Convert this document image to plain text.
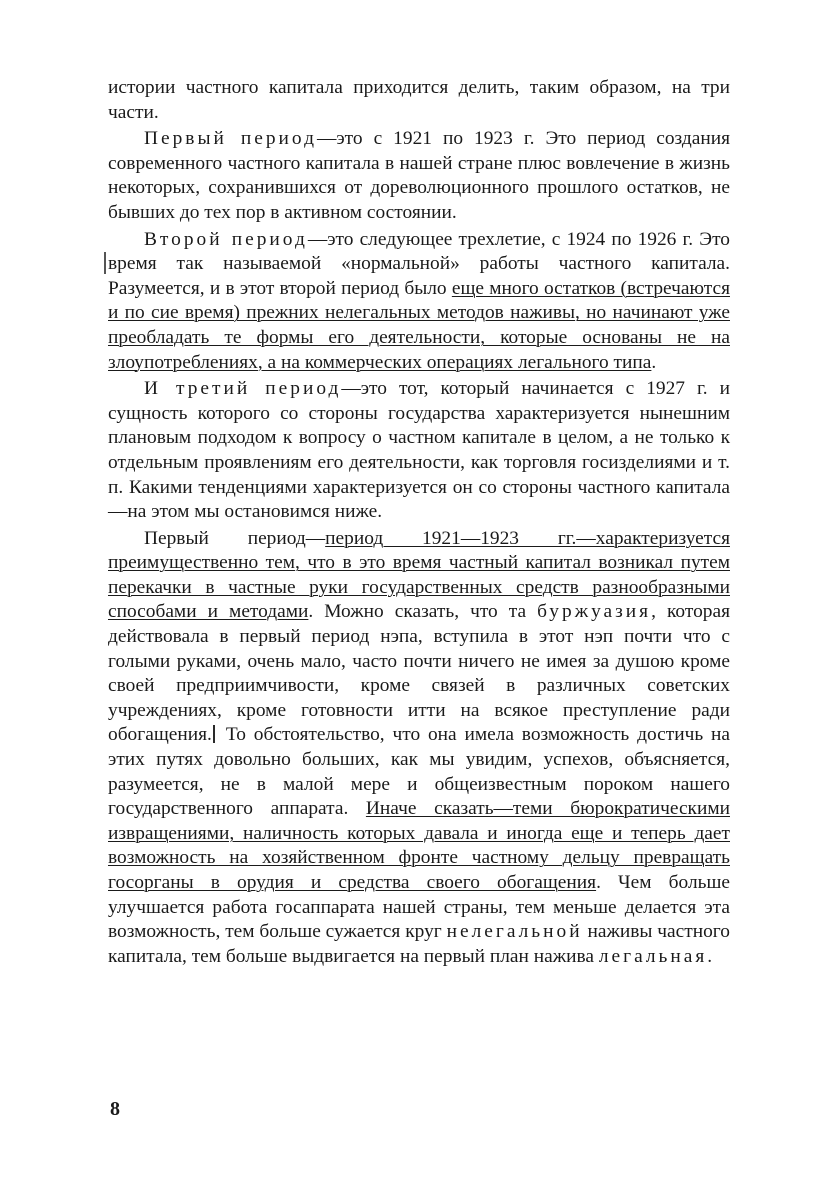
истории частного капитала приходится делить, таким образом, на три части.

Первый период—это с 1921 по 1923 г. Это период создания современного частного капитала в нашей стране плюс вовлечение в жизнь некоторых, сохранившихся от дореволюционного прошлого остатков, не бывших до тех пор в активном состоянии.

Второй период—это следующее трехлетие, с 1924 по 1926 г. Это время так называемой «нормальной» работы частного капитала. Разумеется, и в этот второй период было еще много остатков (встречаются и по сие время) прежних нелегальных методов наживы, но начинают уже преобладать те формы его деятельности, которые основаны не на злоупотреблениях, а на коммерческих операциях легального типа.

И третий период—это тот, который начинается с 1927 г. и сущность которого со стороны государства характеризуется нынешним плановым подходом к вопросу о частном капитале в целом, а не только к отдельным проявлениям его деятельности, как торговля госизделиями и т. п. Какими тенденциями характеризуется он со стороны частного капитала—на этом мы остановимся ниже.

Первый период—период 1921—1923 гг.—характеризуется преимущественно тем, что в это время частный капитал возникал путем перекачки в частные руки государственных средств разнообразными способами и методами. Можно сказать, что та буржуазия, которая действовала в первый период нэпа, вступила в этот нэп почти что с голыми руками, очень мало, часто почти ничего не имея за душою кроме своей предприимчивости, кроме связей в различных советских учреждениях, кроме готовности итти на всякое преступление ради обогащения. То обстоятельство, что она имела возможность достичь на этих путях довольно больших, как мы увидим, успехов, объясняется, разумеется, не в малой мере и общеизвестным пороком нашего государственного аппарата. Иначе сказать—теми бюрократическими извращениями, наличность которых давала и иногда еще и теперь дает возможность на хозяйственном фронте частному дельцу превращать госорганы в орудия и средства своего обогащения. Чем больше улучшается работа госаппарата нашей страны, тем меньше делается эта возможность, тем больше сужается круг нелегальной наживы частного капитала, тем больше выдвигается на первый план нажива легальная.

8
